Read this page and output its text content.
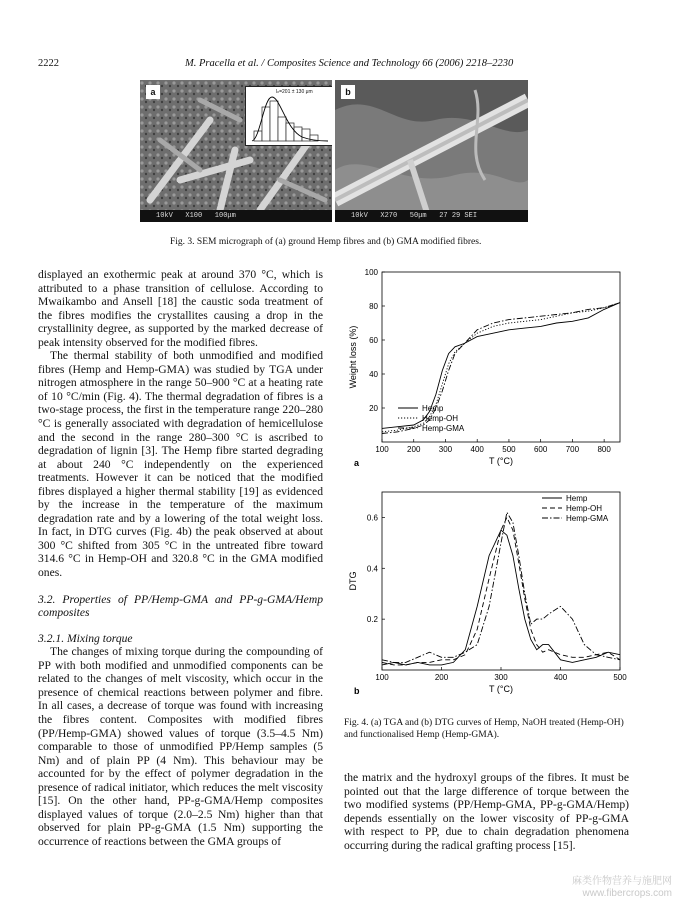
2222	M. Pracella et al. / Composites Science and Technology 66 (2006) 2218–2230
a	lₙ=201 ± 130 μm
10kV   X100   100μm
b
10kV   X270   50μm   27 29 SEI
Fig. 3. SEM micrograph of (a) ground Hemp fibres and (b) GMA modified fibres.

displayed an exothermic peak at around 370 °C, which is attributed to a phase transition of cellulose. According to Mwaikambo and Ansell [18] the caustic soda treatment of the fibres modifies the crystallites causing a drop in the crystallinity degree, as supported by the marked decrease of peak intensity observed for the modified fibres.

The thermal stability of both unmodified and modified fibres (Hemp and Hemp-GMA) was studied by TGA under nitrogen atmosphere in the range 50–900 °C at a heating rate of 10 °C/min (Fig. 4). The thermal degradation of fibres is a two-stage process, the first in the temperature range 220–280 °C is generally associated with degradation of hemicellulose and the second in the range 280–300 °C is ascribed to degradation of lignin [3]. The Hemp fibre started degrading at about 240 °C independently on the experienced treatments. However it can be noticed that the modified fibres displayed a higher thermal stability [19] as evidenced by the increase in the temperature of the maximum degradation rate and by a lowering of the total weight loss. In fact, in DTG curves (Fig. 4b) the peak observed at about 300 °C shifted from 305 °C in the untreated fibre toward 314.6 °C in Hemp-OH and 320.8 °C in the GMA modified ones.

3.2. Properties of PP/Hemp-GMA and PP-g-GMA/Hemp composites

3.2.1. Mixing torque

The changes of mixing torque during the compounding of PP with both modified and unmodified components can be related to the changes of melt viscosity, which occur in the presence of chemical reactions between polymer and fibre. In all cases, a decrease of torque was found with increasing the fibres content. Composites with modified fibres (PP/Hemp-GMA) showed values of torque (3.5–4.5 Nm) comparable to those of unmodified PP/Hemp samples (5 Nm) and of plain PP (4 Nm). This behaviour may be accounted for by the effect of polymer degradation in the presence of radical initiator, which reduces the melt viscosity [15]. On the other hand, PP-g-GMA/Hemp composites displayed values of torque (2.0–2.5 Nm) higher than that observed for plain PP-g-GMA (1.5 Nm) supporting the occurrence of reactions between the GMA groups of

100 200 300 400 500 600 700 800
20
40
60
80
100
T (°C)
Weight loss (%)
a
Hemp
Hemp-OH
Hemp-GMA
100	200	300	400	500
0.2
0.4
0.6
T (°C)
DTG
b
Hemp
Hemp-OH
Hemp-GMA
Fig. 4. (a) TGA and (b) DTG curves of Hemp, NaOH treated (Hemp-OH) and functionalised Hemp (Hemp-GMA).

the matrix and the hydroxyl groups of the fibres. It must be pointed out that the large difference of torque between the two modified systems (PP/Hemp-GMA, PP-g-GMA/Hemp) depends essentially on the lower viscosity of PP-g-GMA with respect to PP, due to chain degradation phenomena occurring during the radical grafting process [15].

麻类作物营养与施肥网
www.fibercrops.com
